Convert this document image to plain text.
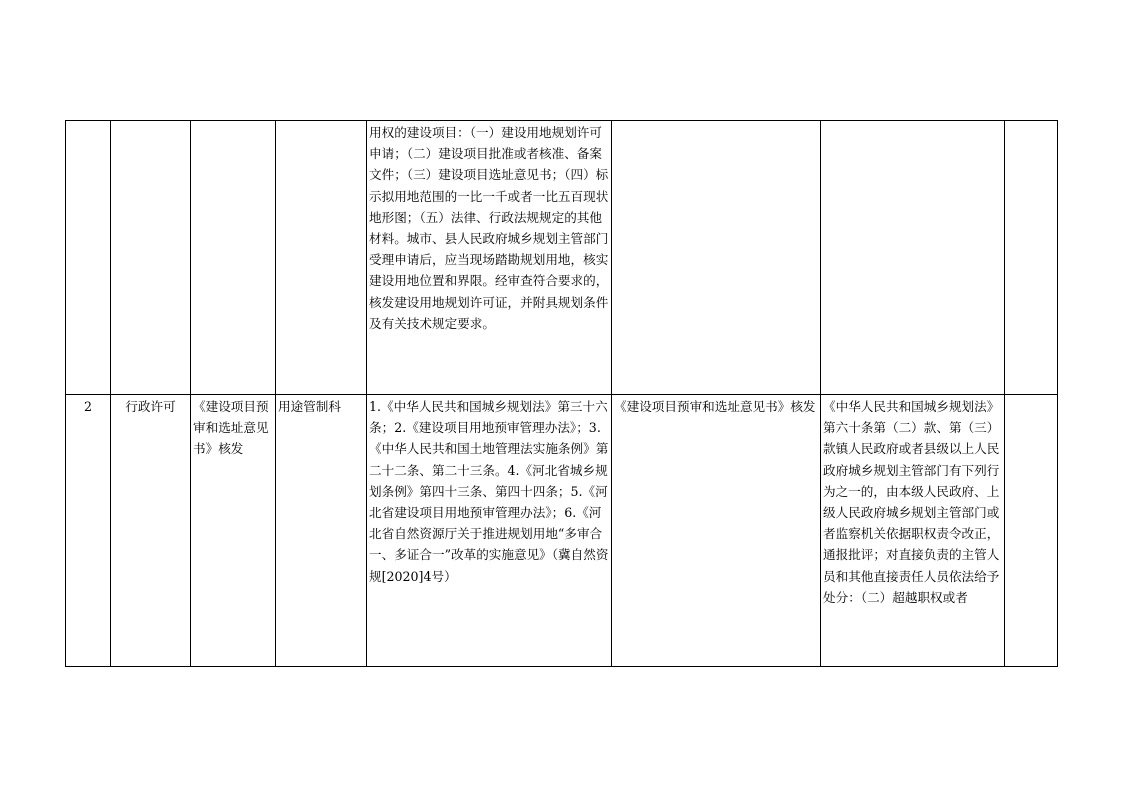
				用权的建设项目：（一）建设用地规划许可申请；（二）建设项目批准或者核准、备案文件；（三）建设项目选址意见书；（四）标示拟用地范围的一比一千或者一比五百现状地形图；（五）法律、行政法规规定的其他材料。城市、县人民政府城乡规划主管部门受理申请后，应当现场踏勘规划用地，核实建设用地位置和界限。经审查符合要求的，核发建设用地规划许可证，并附具规划条件及有关技术规定要求。			
2	行政许可	《建设项目预审和选址意见书》核发	用途管制科	1.《中华人民共和国城乡规划法》第三十六条；2.《建设项目用地预审管理办法》；3.《中华人民共和国土地管理法实施条例》第二十二条、第二十三条。4.《河北省城乡规划条例》第四十三条、第四十四条；5.《河北省建设项目用地预审管理办法》；6.《河北省自然资源厅关于推进规划用地“多审合一、多证合一”改革的实施意见》（冀自然资规[2020]4号）	《建设项目预审和选址意见书》核发	《中华人民共和国城乡规划法》第六十条第（二）款、第（三）款镇人民政府或者县级以上人民政府城乡规划主管部门有下列行为之一的，由本级人民政府、上级人民政府城乡规划主管部门或者监察机关依据职权责令改正，通报批评；对直接负责的主管人员和其他直接责任人员依法给予处分：（二）超越职权或者	
